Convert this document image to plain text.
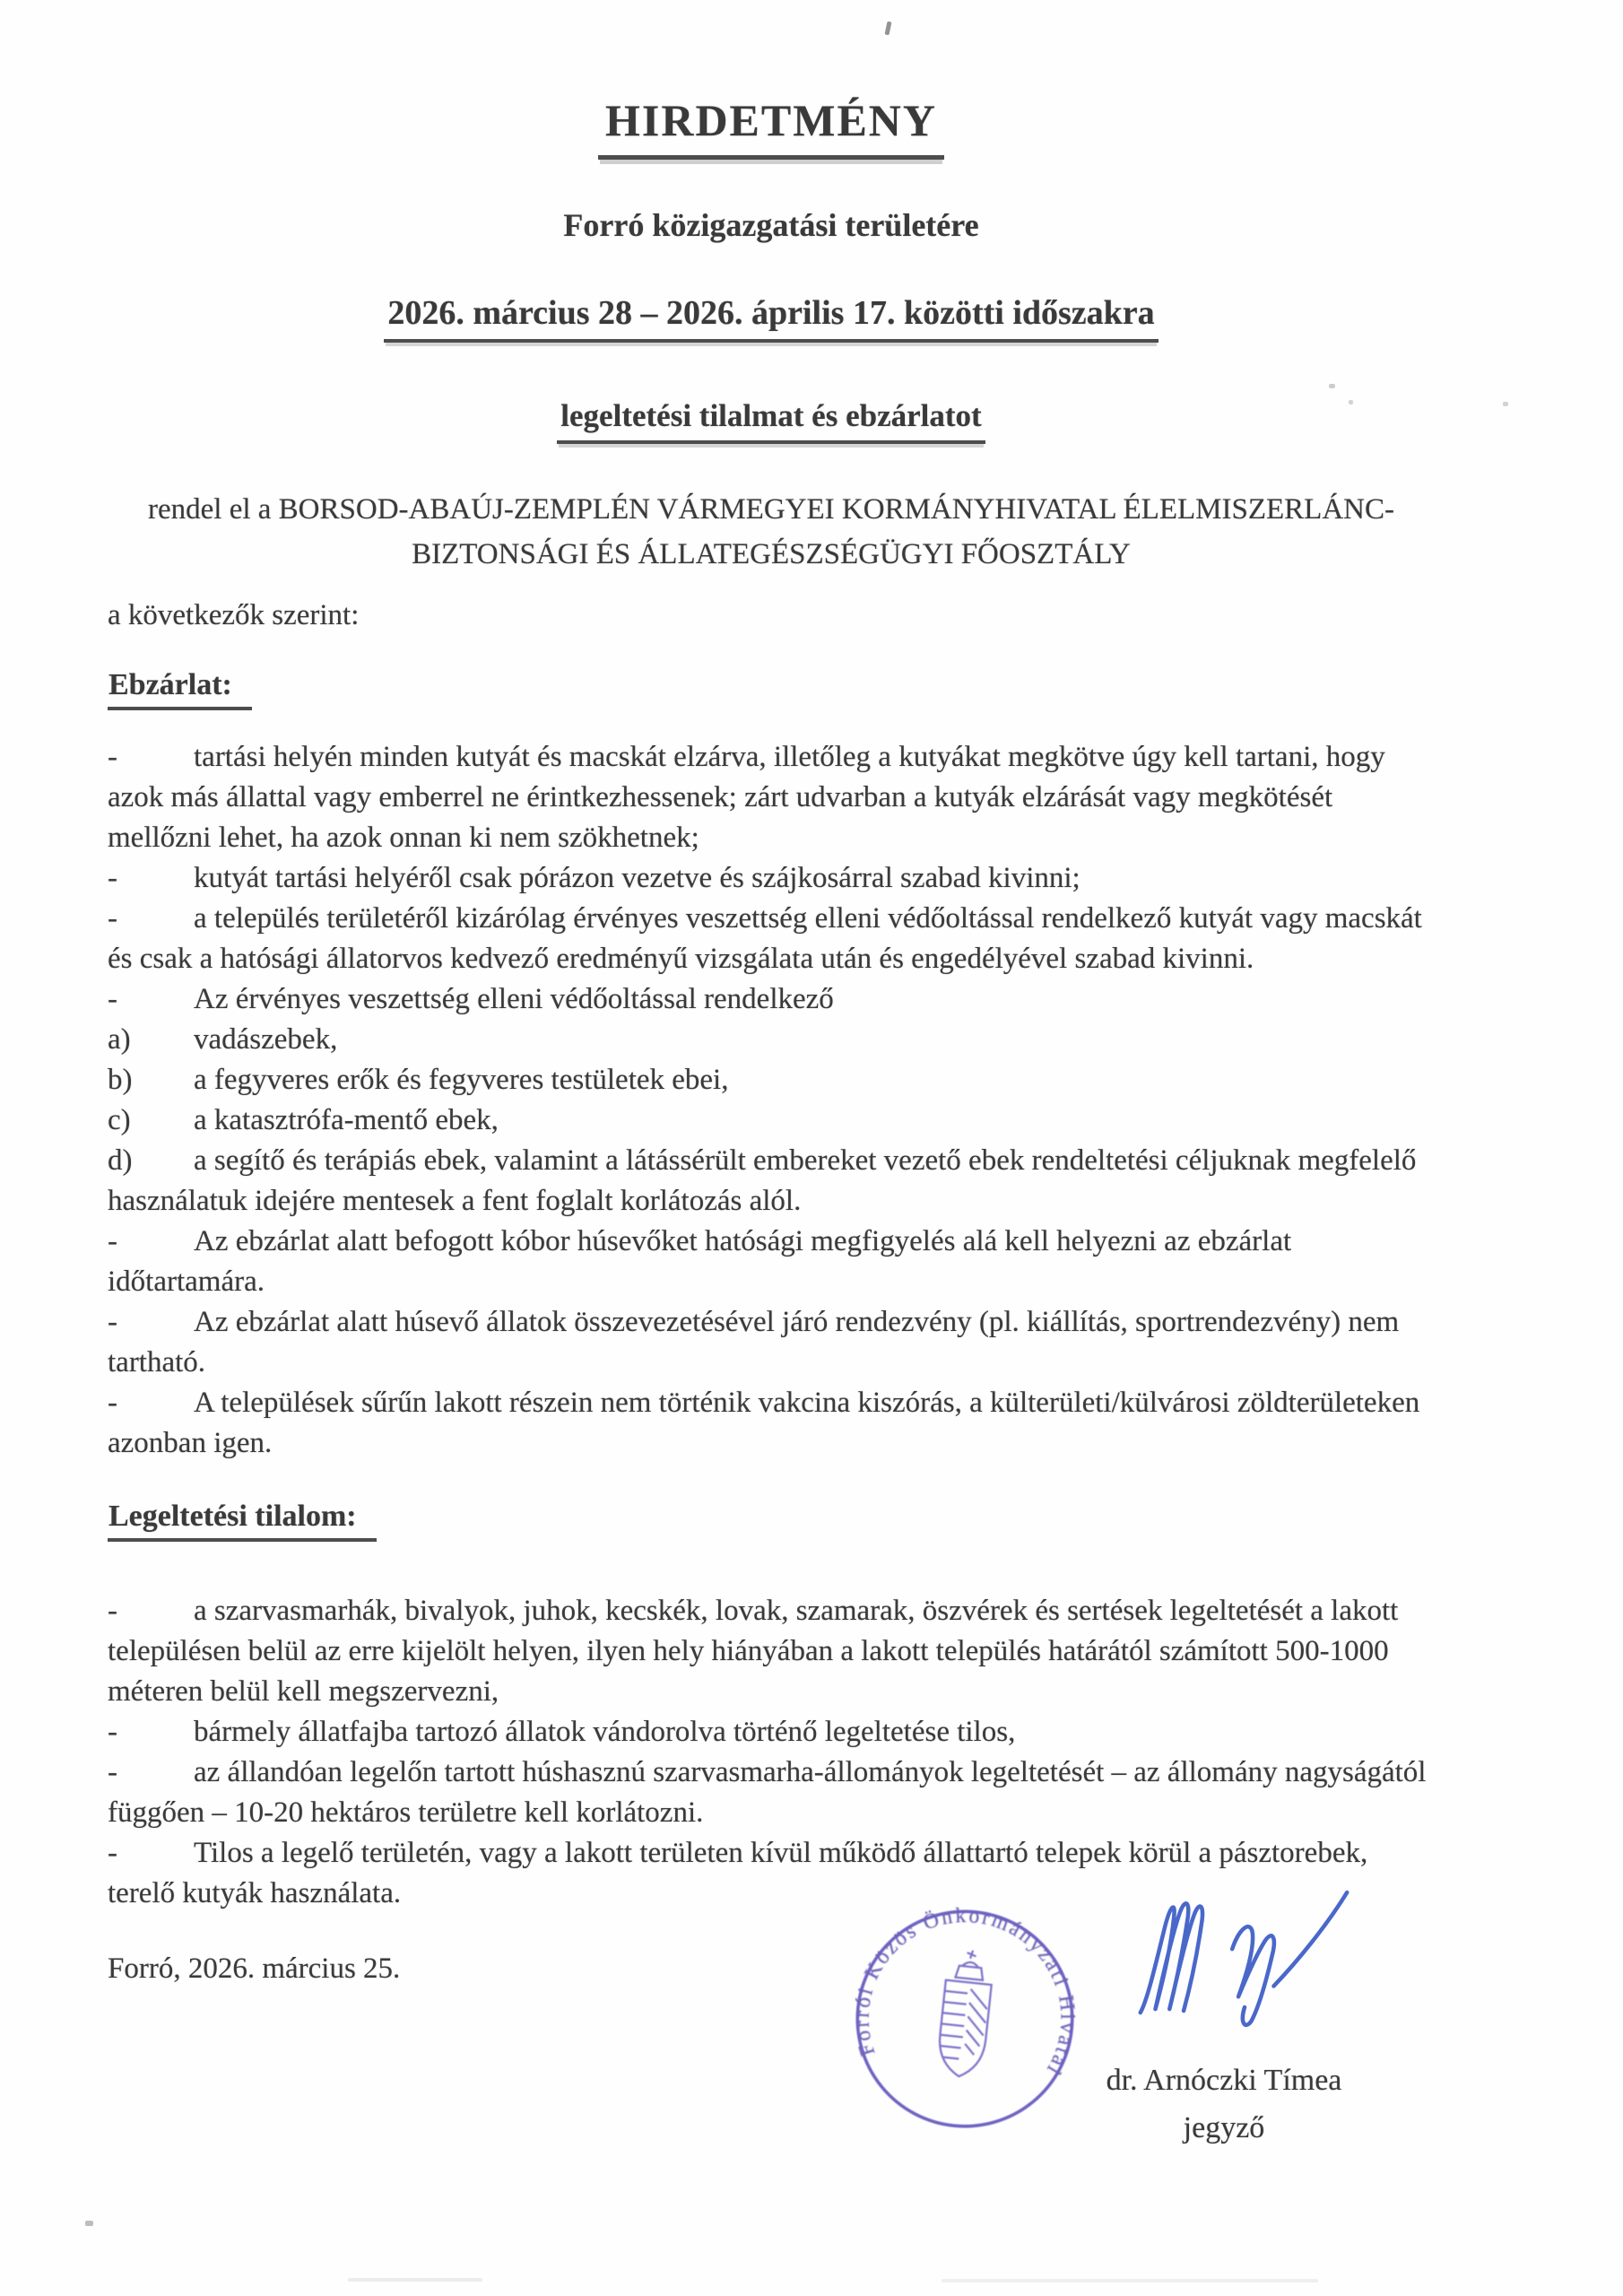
HIRDETMÉNY

Forró közigazgatási területére

2026. március 28 – 2026. április 17. közötti időszakra

legeltetési tilalmat és ebzárlatot

rendel el a BORSOD-ABAÚJ-ZEMPLÉN VÁRMEGYEI KORMÁNYHIVATAL ÉLELMISZERLÁNC-BIZTONSÁGI ÉS ÁLLATEGÉSZSÉGÜGYI FŐOSZTÁLY

a következők szerint:

Ebzárlat:

-	tartási helyén minden kutyát és macskát elzárva, illetőleg a kutyákat megkötve úgy kell tartani, hogy azok más állattal vagy emberrel ne érintkezhessenek; zárt udvarban a kutyák elzárását vagy megkötését mellőzni lehet, ha azok onnan ki nem szökhetnek;

-	kutyát tartási helyéről csak pórázon vezetve és szájkosárral szabad kivinni;

-	a település területéről kizárólag érvényes veszettség elleni védőoltással rendelkező kutyát vagy macskát és csak a hatósági állatorvos kedvező eredményű vizsgálata után és engedélyével szabad kivinni.

-	Az érvényes veszettség elleni védőoltással rendelkező

a) vadászebek,

b) a fegyveres erők és fegyveres testületek ebei,

c) a katasztrófa-mentő ebek,

d) a segítő és terápiás ebek, valamint a látássérült embereket vezető ebek rendeltetési céljuknak megfelelő használatuk idejére mentesek a fent foglalt korlátozás alól.

-	Az ebzárlat alatt befogott kóbor húsevőket hatósági megfigyelés alá kell helyezni az ebzárlat időtartamára.

-	Az ebzárlat alatt húsevő állatok összevezetésével járó rendezvény (pl. kiállítás, sportrendezvény) nem tartható.

-	A települések sűrűn lakott részein nem történik vakcina kiszórás, a külterületi/külvárosi zöldterületeken azonban igen.

Legeltetési tilalom:

-	a szarvasmarhák, bivalyok, juhok, kecskék, lovak, szamarak, öszvérek és sertések legeltetését a lakott településen belül az erre kijelölt helyen, ilyen hely hiányában a lakott település határától számított 500-1000 méteren belül kell megszervezni,

-	bármely állatfajba tartozó állatok vándorolva történő legeltetése tilos,

-	az állandóan legelőn tartott húshasznú szarvasmarha-állományok legeltetését – az állomány nagyságától függően – 10-20 hektáros területre kell korlátozni.

-	Tilos a legelő területén, vagy a lakott területen kívül működő állattartó telepek körül a pásztorebek, terelő kutyák használata.

Forró, 2026. március 25.
Forrói Közös Önkormányzati Hivatal	dr. Arnóczki Tímea
jegyző
